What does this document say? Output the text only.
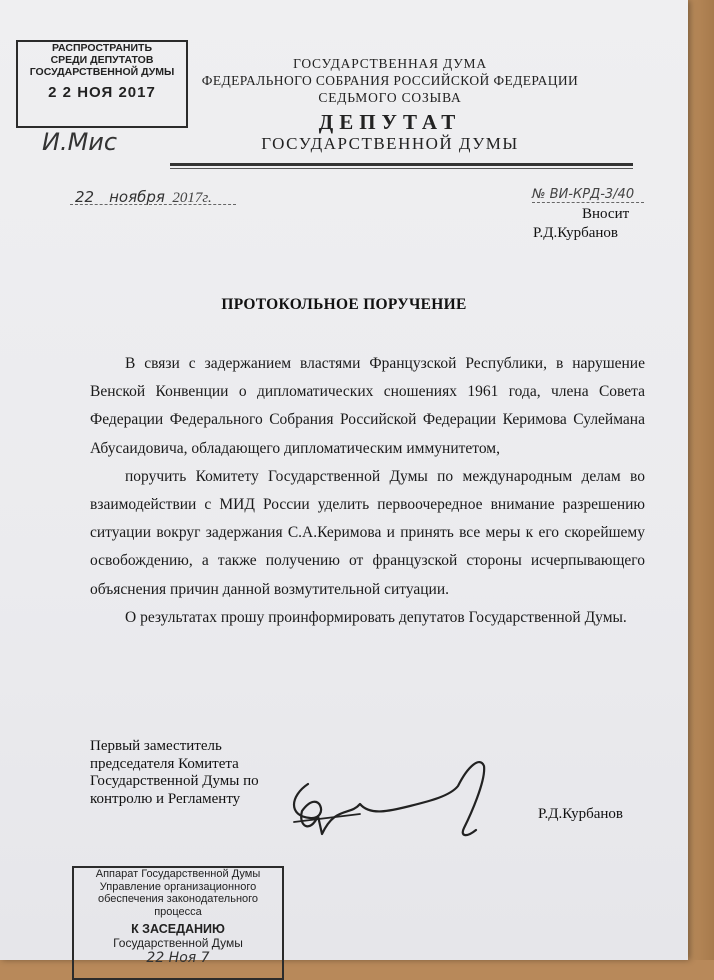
РАСПРОСТРАНИТЬ
СРЕДИ ДЕПУТАТОВ
ГОСУДАРСТВЕННОЙ ДУМЫ
2 2 НОЯ 2017
И.Мис
ГОСУДАРСТВЕННАЯ ДУМА
ФЕДЕРАЛЬНОГО СОБРАНИЯ РОССИЙСКОЙ ФЕДЕРАЦИИ
СЕДЬМОГО СОЗЫВА
ДЕПУТАТ
ГОСУДАРСТВЕННОЙ ДУМЫ
22 ноября 2017г.	№ ВИ-КРД-3/40
Вносит
Р.Д.Курбанов
ПРОТОКОЛЬНОЕ ПОРУЧЕНИЕ

В связи с задержанием властями Французской Республики, в нарушение Венской Конвенции о дипломатических сношениях 1961 года, члена Совета Федерации Федерального Собрания Российской Федерации Керимова Сулеймана Абусаидовича, обладающего дипломатическим иммунитетом,

поручить Комитету Государственной Думы по международным делам во взаимодействии с МИД России уделить первоочередное внимание разрешению ситуации вокруг задержания С.А.Керимова и принять все меры к его скорейшему освобождению, а также получению от французской стороны исчерпывающего объяснения причин данной возмутительной ситуации.

О результатах прошу проинформировать депутатов Государственной Думы.

Первый заместитель
председателя Комитета
Государственной Думы по
контролю и Регламенту
Р.Д.Курбанов
Аппарат Государственной Думы
Управление организационного
обеспечения законодательного
процесса
К ЗАСЕДАНИЮ
Государственной Думы
22 Ноя 7
